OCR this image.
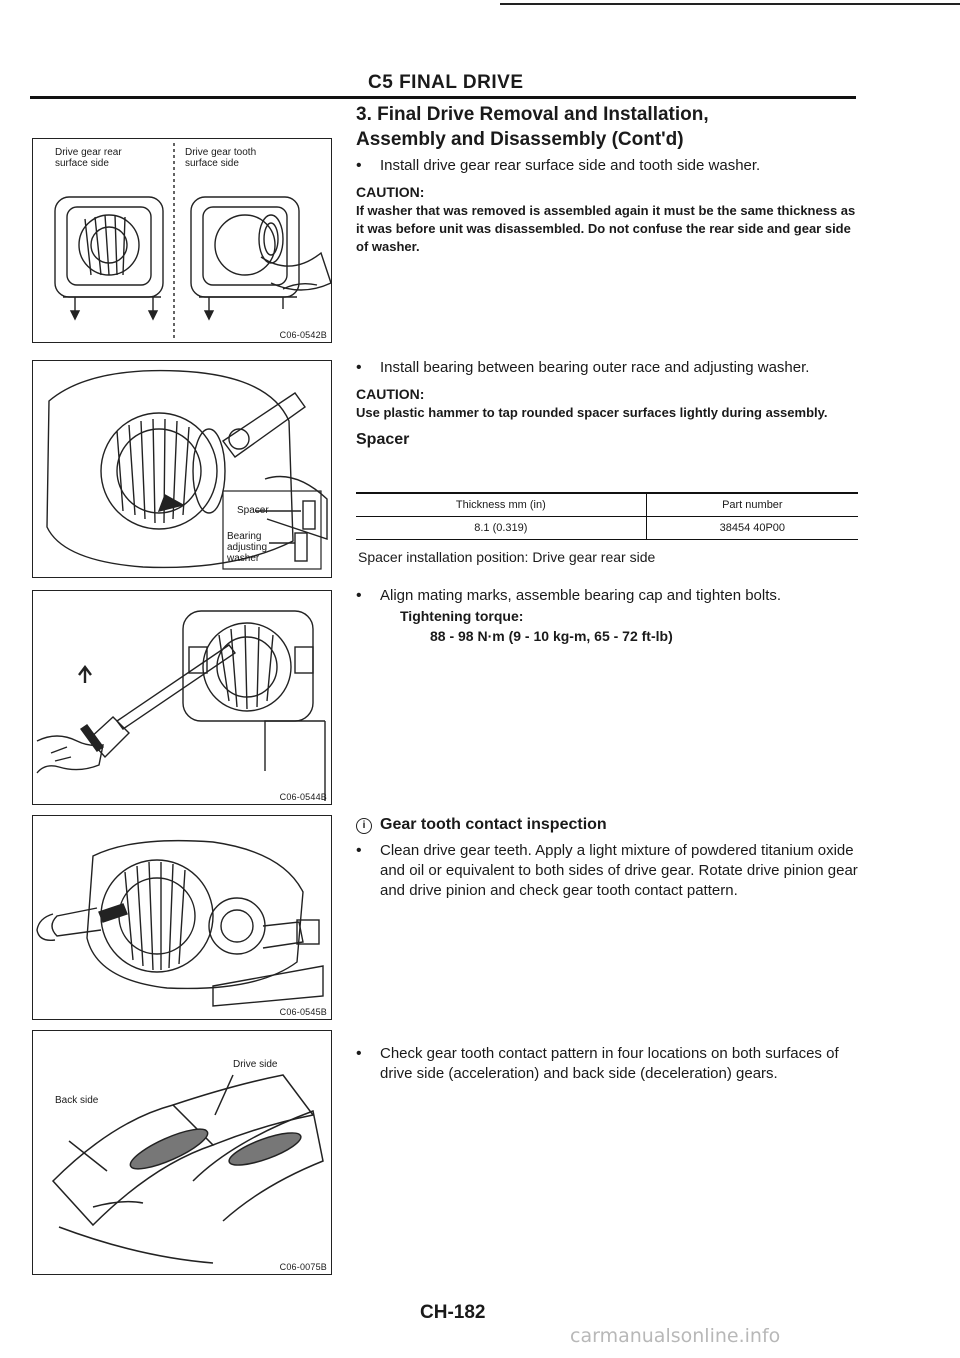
C5 FINAL DRIVE
Drive gear rear
surface side
Drive gear tooth
surface side
C06-0542B
Spacer
Bearing
adjusting
washer
C06-0544B
C06-0545B
Drive side
Back side
C06-0075B
3. Final Drive Removal and Installation,
Assembly and Disassembly (Cont'd)
• Install drive gear rear surface side and tooth side washer.
CAUTION:
If washer that was removed is assembled again it must be the same thickness as it was before unit was disassembled. Do not confuse the rear side and gear side of washer.
• Install bearing between bearing outer race and adjusting washer.
CAUTION:
Use plastic hammer to tap rounded spacer surfaces lightly during assembly.
Spacer
Thickness mm (in)	Part number
8.1 (0.319)	38454 40P00
Spacer installation position: Drive gear rear side
• Align mating marks, assemble bearing cap and tighten bolts.
Tightening torque:
88 - 98 N·m (9 - 10 kg-m, 65 - 72 ft-lb)
i Gear tooth contact inspection
• Clean drive gear teeth. Apply a light mixture of powdered titanium oxide and oil or equivalent to both sides of drive gear. Rotate drive pinion gear and drive pinion and check gear tooth contact pattern.
• Check gear tooth contact pattern in four locations on both surfaces of drive side (acceleration) and back side (deceleration) gears.
CH-182
carmanualsonline.info
